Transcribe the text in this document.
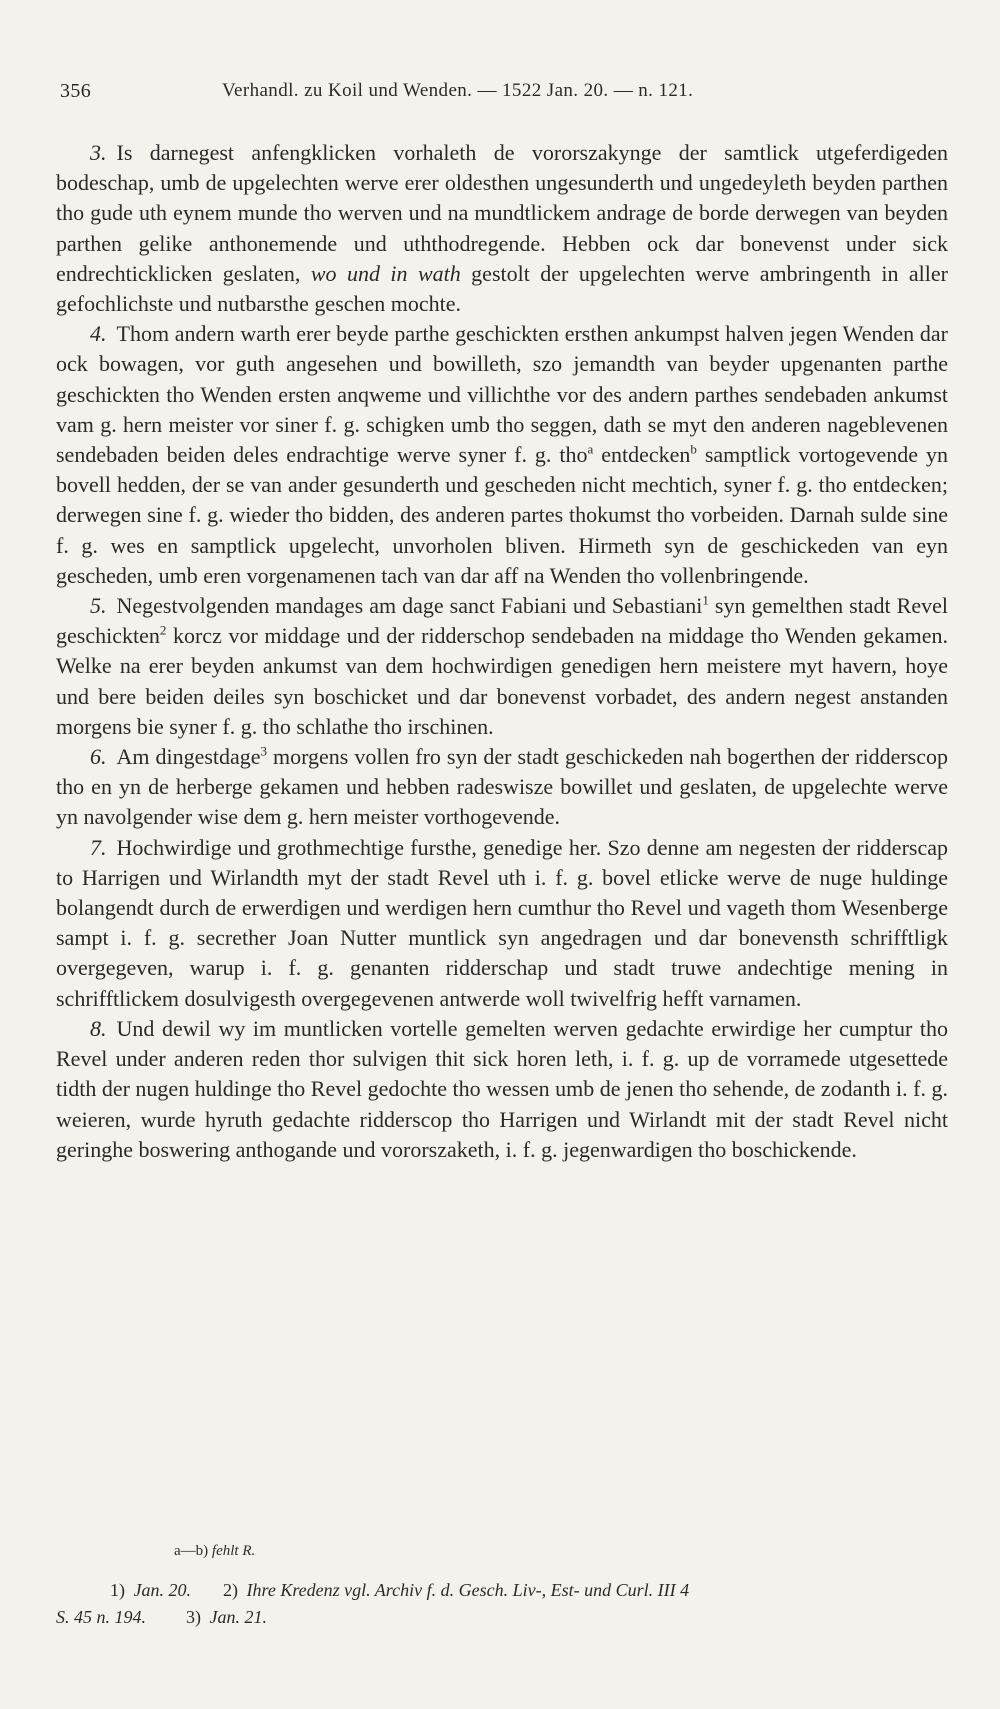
356	Verhandl. zu Koil und Wenden. — 1522 Jan. 20. — n. 121.

3. Is darnegest anfengklicken vorhaleth de vororszakynge der samtlick utgeferdigeden bodeschap, umb de upgelechten werve erer oldesthen ungesunderth und ungedeyleth beyden parthen tho gude uth eynem munde tho werven und na mundtlickem andrage de borde derwegen van beyden parthen gelike anthonemende und uththodregende. Hebben ock dar bonevenst under sick endrechticklicken geslaten, wo und in wath gestolt der upgelechten werve ambringenth in aller gefochlichste und nutbarsthe geschen mochte.

4. Thom andern warth erer beyde parthe geschickten ersthen ankumpst halven jegen Wenden dar ock bowagen, vor guth angesehen und bowilleth, szo jemandth van beyder upgenanten parthe geschickten tho Wenden ersten anqweme und villichthe vor des andern parthes sendebaden ankumst vam g. hern meister vor siner f. g. schigken umb tho seggen, dath se myt den anderen nageblevenen sendebaden beiden deles endrachtige werve syner f. g. tho$^a$ entdecken$^b$ samptlick vortogevende yn bovell hedden, der se van ander gesunderth und gescheden nicht mechtich, syner f. g. tho entdecken; derwegen sine f. g. wieder tho bidden, des anderen partes thokumst tho vorbeiden. Darnah sulde sine f. g. wes en samptlick upgelecht, unvorholen bliven. Hirmeth syn de geschickeden van eyn gescheden, umb eren vorgenamenen tach van dar aff na Wenden tho vollenbringende.

5. Negestvolgenden mandages am dage sanct Fabiani und Sebastiani$^1$ syn gemelthen stadt Revel geschickten$^2$ korcz vor middage und der ridderschop sendebaden na middage tho Wenden gekamen. Welke na erer beyden ankumst van dem hochwirdigen genedigen hern meistere myt havern, hoye und bere beiden deiles syn boschicket und dar bonevenst vorbadet, des andern negest anstanden morgens bie syner f. g. tho schlathe tho irschinen.

6. Am dingestdage$^3$ morgens vollen fro syn der stadt geschickeden nah bogerthen der ridderscop tho en yn de herberge gekamen und hebben radeswisze bowillet und geslaten, de upgelechte werve yn navolgender wise dem g. hern meister vorthogevende.

7. Hochwirdige und grothmechtige fursthe, genedige her. Szo denne am negesten der ridderscap to Harrigen und Wirlandth myt der stadt Revel uth i. f. g. bovel etlicke werve de nuge huldinge bolangendt durch de erwerdigen und werdigen hern cumthur tho Revel und vageth thom Wesenberge sampt i. f. g. secrether Joan Nutter muntlick syn angedragen und dar bonevensth schrifftligk overgegeven, warup i. f. g. genanten ridderschap und stadt truwe andechtige mening in schrifftlickem dosulvigesth overgegevenen antwerde woll twivelfrig hefft varnamen.

8. Und dewil wy im muntlicken vortelle gemelten werven gedachte erwirdige her cumptur tho Revel under anderen reden thor sulvigen thit sick horen leth, i. f. g. up de vorramede utgesettede tidth der nugen huldinge tho Revel gedochte tho wessen umb de jenen tho sehende, de zodanth i. f. g. weieren, wurde hyruth gedachte ridderscop tho Harrigen und Wirlandt mit der stadt Revel nicht geringhe boswering anthogande und vororszaketh, i. f. g. jegenwardigen tho boschickende.

a—b) fehlt R.
1) Jan. 20. 2) Ihre Kredenz vgl. Archiv f. d. Gesch. Liv-, Est- und Curl. III 4
S. 45 n. 194. 3) Jan. 21.
